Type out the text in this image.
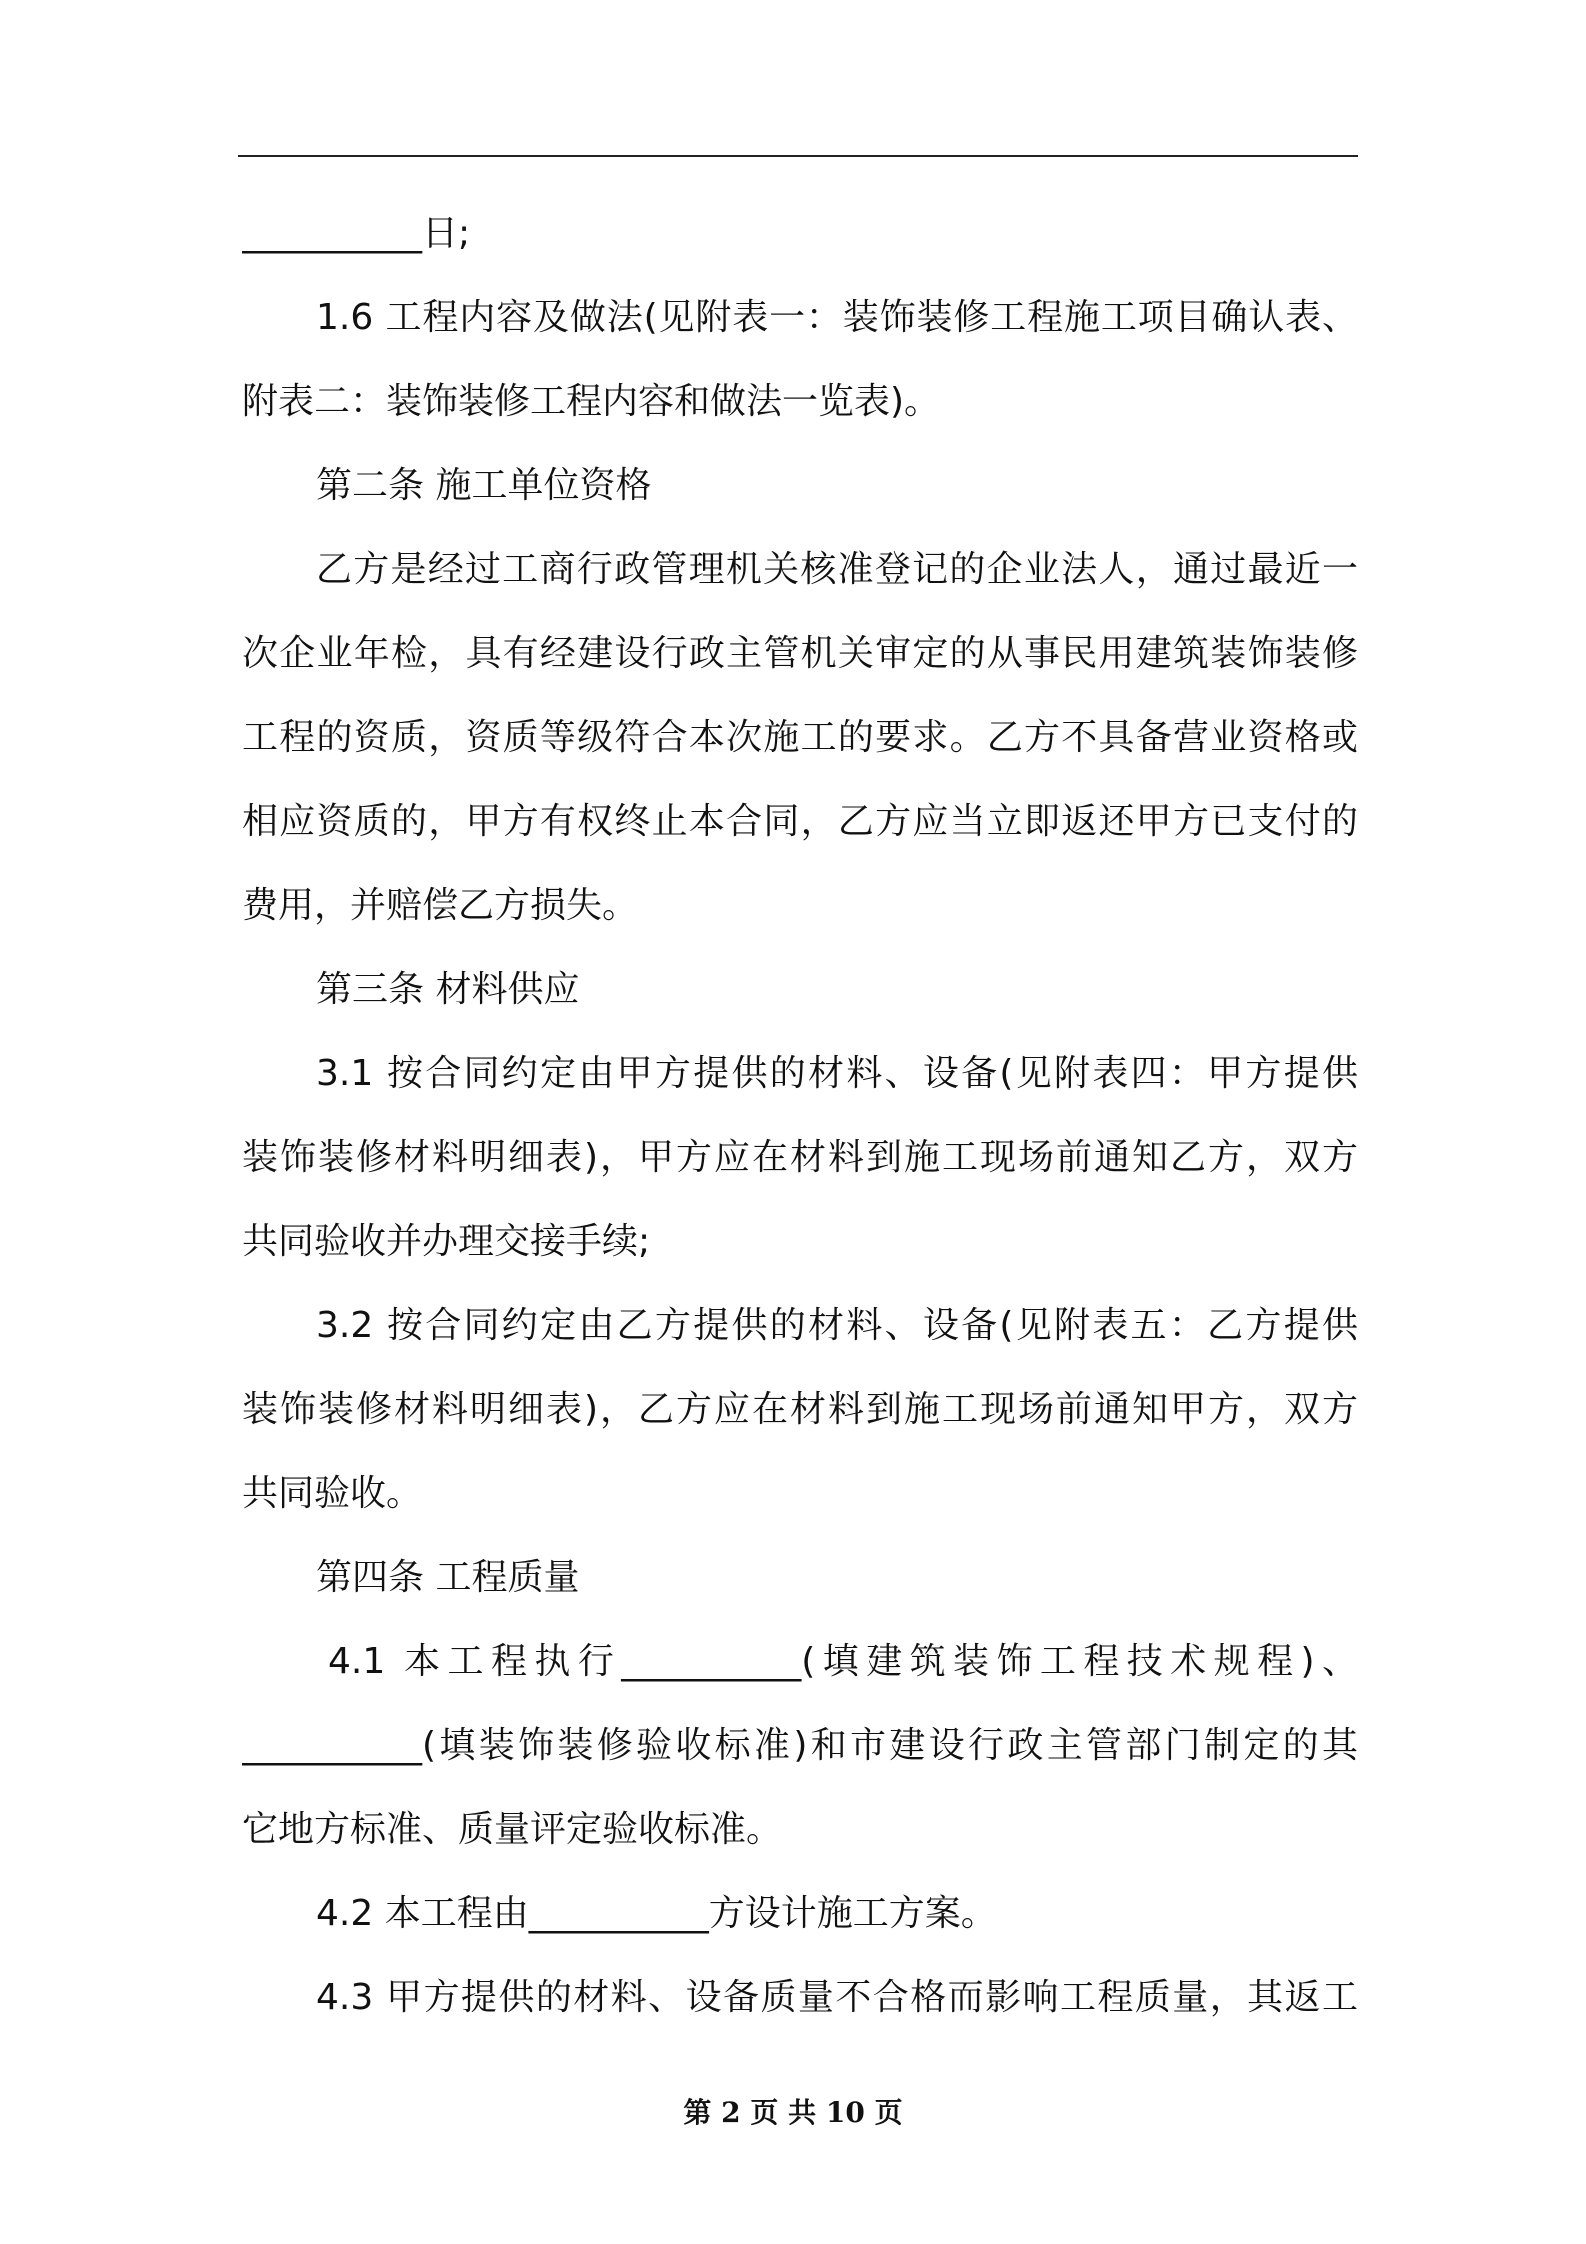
__________日;
1.6 工程内容及做法(见附表一：装饰装修工程施工项目确认表、
附表二：装饰装修工程内容和做法一览表)。
第二条 施工单位资格
乙方是经过工商行政管理机关核准登记的企业法人，通过最近一
次企业年检，具有经建设行政主管机关审定的从事民用建筑装饰装修
工程的资质，资质等级符合本次施工的要求。乙方不具备营业资格或
相应资质的，甲方有权终止本合同，乙方应当立即返还甲方已支付的
费用，并赔偿乙方损失。
第三条 材料供应
3.1 按合同约定由甲方提供的材料、设备(见附表四：甲方提供
装饰装修材料明细表)，甲方应在材料到施工现场前通知乙方，双方
共同验收并办理交接手续;
3.2 按合同约定由乙方提供的材料、设备(见附表五：乙方提供
装饰装修材料明细表)，乙方应在材料到施工现场前通知甲方，双方
共同验收。
第四条 工程质量
4.1 本工程执行__________(填建筑装饰工程技术规程)、
__________(填装饰装修验收标准)和市建设行政主管部门制定的其
它地方标准、质量评定验收标准。
4.2 本工程由__________方设计施工方案。
4.3 甲方提供的材料、设备质量不合格而影响工程质量，其返工
第 2 页 共 10 页
